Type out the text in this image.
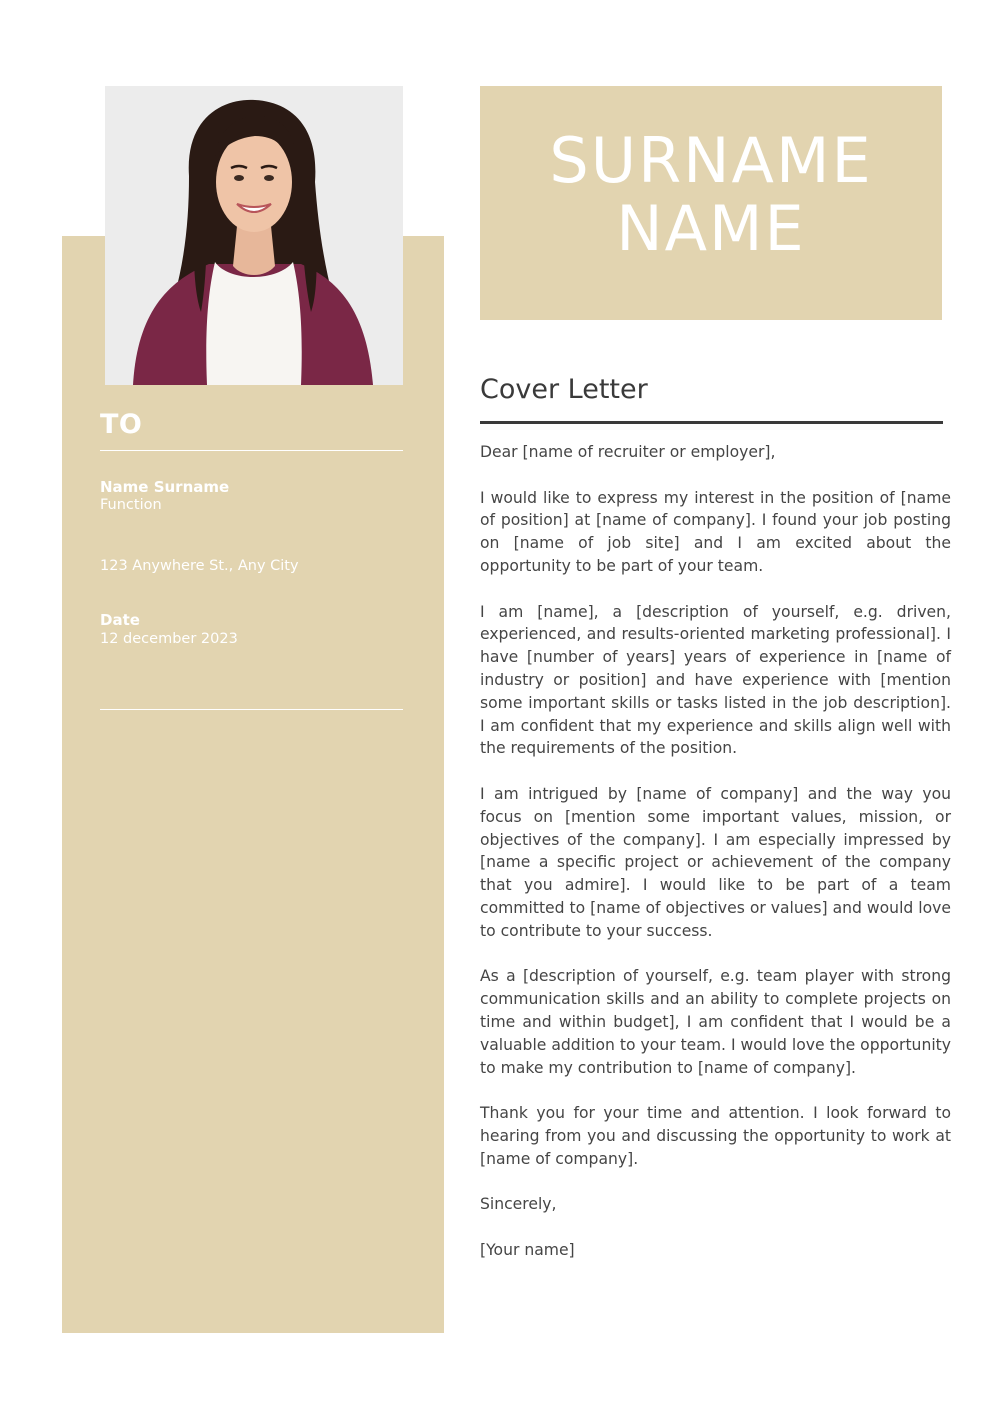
TO
Name Surname
Function
123 Anywhere St., Any City
Date
12 december 2023
SURNAME
NAME
Cover Letter

Dear [name of recruiter or employer],

I would like to express my interest in the position of [name of position] at [name of company]. I found your job posting on [name of job site] and I am excited about the opportunity to be part of your team.

I am [name], a [description of yourself, e.g. driven, experienced, and results-oriented marketing professional]. I have [number of years] years of experience in [name of industry or position] and have experience with [mention some important skills or tasks listed in the job description]. I am confident that my experience and skills align well with the requirements of the position.

I am intrigued by [name of company] and the way you focus on [mention some important values, mission, or objectives of the company]. I am especially impressed by [name a specific project or achievement of the company that you admire]. I would like to be part of a team committed to [name of objectives or values] and would love to contribute to your success.

As a [description of yourself, e.g. team player with strong communication skills and an ability to complete projects on time and within budget], I am confident that I would be a valuable addition to your team. I would love the opportunity to make my contribution to [name of company].

Thank you for your time and attention. I look forward to hearing from you and discussing the opportunity to work at [name of company].

Sincerely,

[Your name]
